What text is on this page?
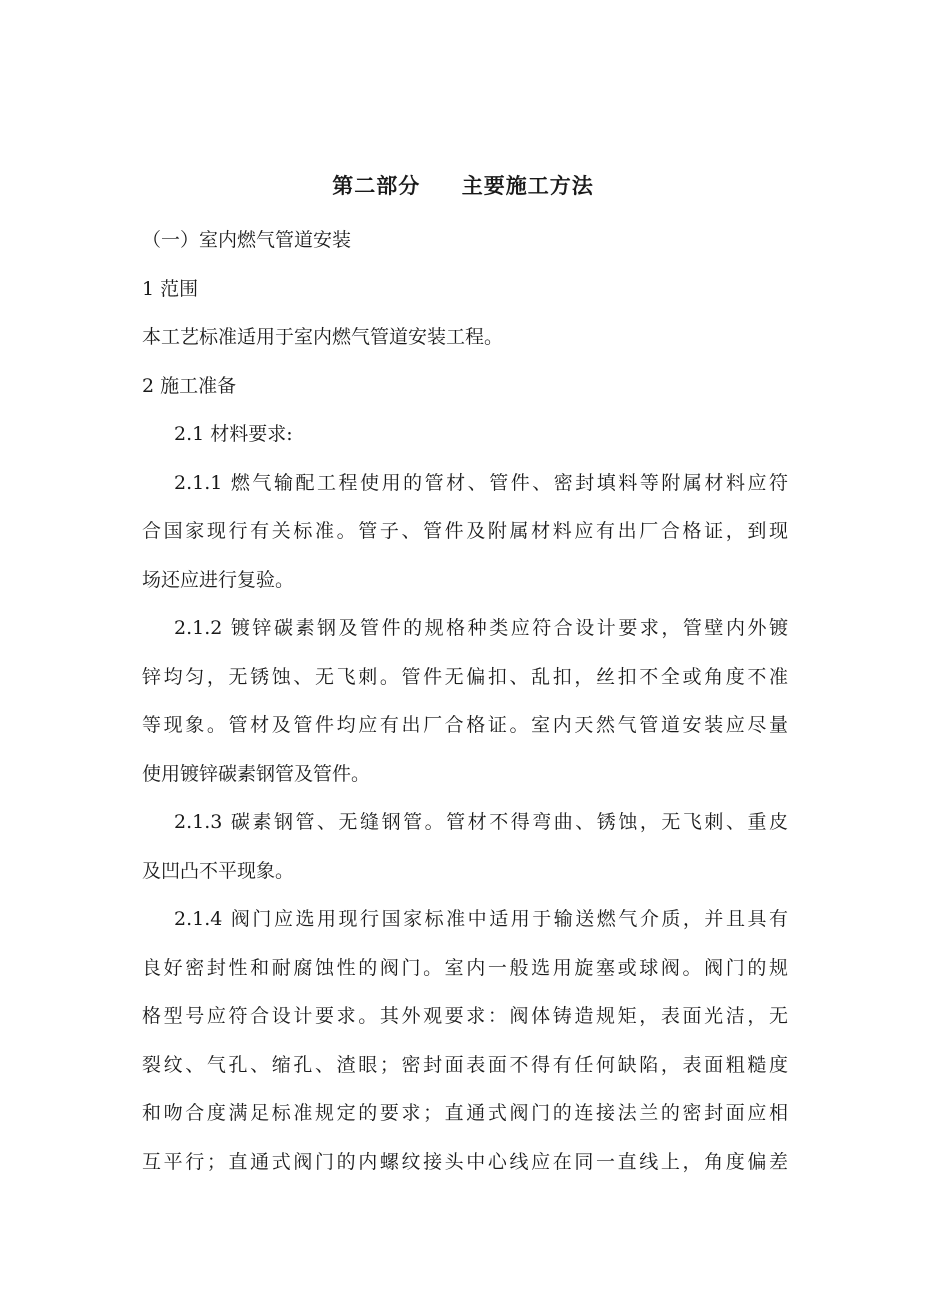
第二部分     主要施工方法
（一）室内燃气管道安装
1 范围
本工艺标准适用于室内燃气管道安装工程。
2 施工准备
2.1 材料要求:
2.1.1 燃气输配工程使用的管材、管件、密封填料等附属材料应符
合国家现行有关标准。管子、管件及附属材料应有出厂合格证，到现
场还应进行复验。
2.1.2 镀锌碳素钢及管件的规格种类应符合设计要求，管壁内外镀
锌均匀，无锈蚀、无飞刺。管件无偏扣、乱扣，丝扣不全或角度不准
等现象。管材及管件均应有出厂合格证。室内天然气管道安装应尽量
使用镀锌碳素钢管及管件。
2.1.3 碳素钢管、无缝钢管。管材不得弯曲、锈蚀，无飞刺、重皮
及凹凸不平现象。
2.1.4 阀门应选用现行国家标准中适用于输送燃气介质，并且具有
良好密封性和耐腐蚀性的阀门。室内一般选用旋塞或球阀。阀门的规
格型号应符合设计要求。其外观要求：阀体铸造规矩，表面光洁，无
裂纹、气孔、缩孔、渣眼；密封面表面不得有任何缺陷，表面粗糙度
和吻合度满足标准规定的要求；直通式阀门的连接法兰的密封面应相
互平行；直通式阀门的内螺纹接头中心线应在同一直线上，角度偏差
